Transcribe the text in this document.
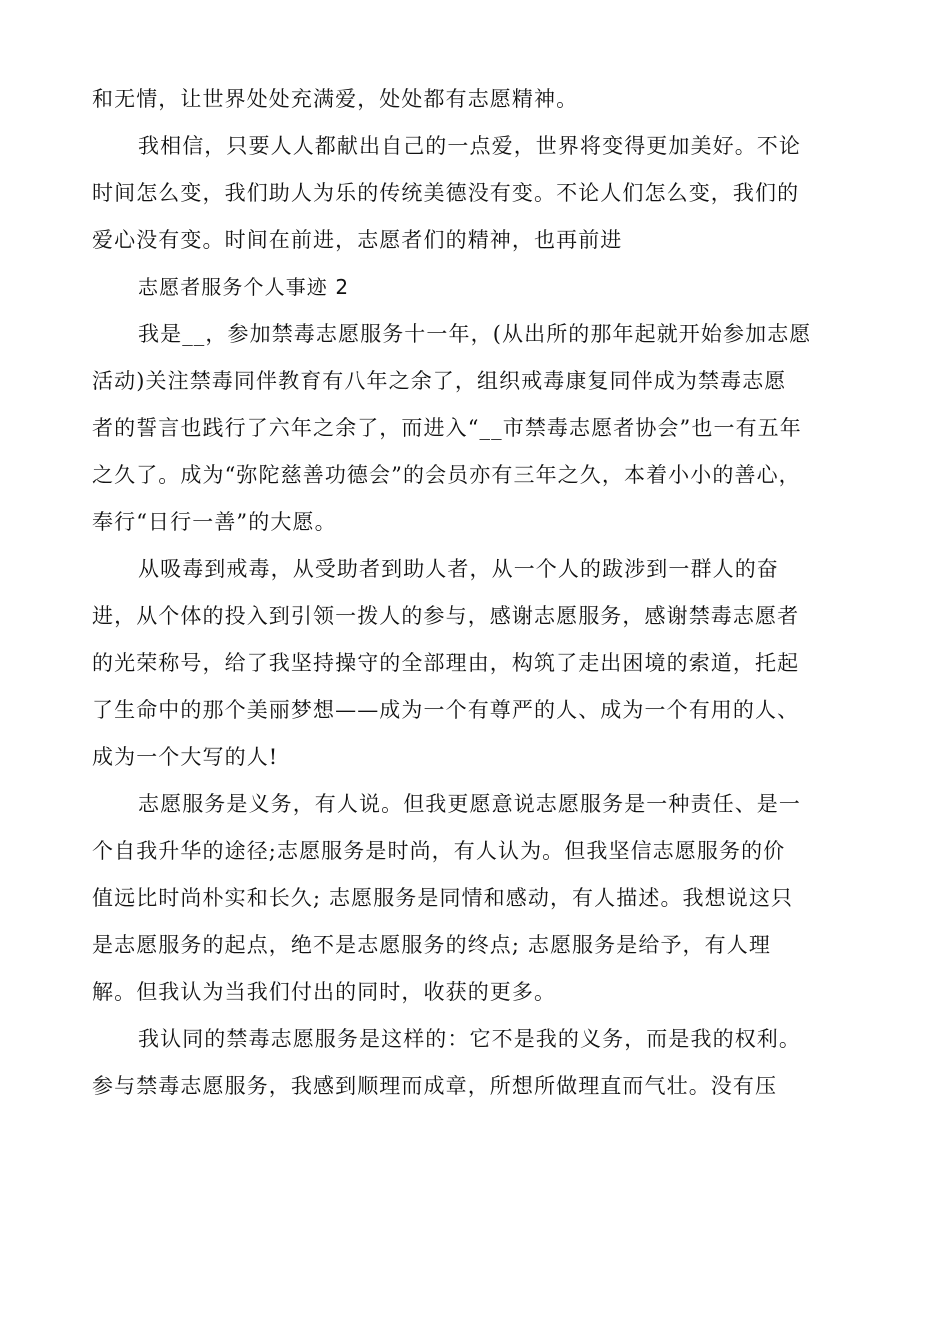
和无情，让世界处处充满爱，处处都有志愿精神。
我相信，只要人人都献出自己的一点爱，世界将变得更加美好。不论
时间怎么变，我们助人为乐的传统美德没有变。不论人们怎么变，我们的
爱心没有变。时间在前进，志愿者们的精神，也再前进
志愿者服务个人事迹 2
我是__，参加禁毒志愿服务十一年，(从出所的那年起就开始参加志愿
活动)关注禁毒同伴教育有八年之余了，组织戒毒康复同伴成为禁毒志愿
者的誓言也践行了六年之余了，而进入“__市禁毒志愿者协会”也一有五年
之久了。成为“弥陀慈善功德会”的会员亦有三年之久，本着小小的善心，
奉行“日行一善”的大愿。
从吸毒到戒毒，从受助者到助人者，从一个人的跋涉到一群人的奋
进，从个体的投入到引领一拨人的参与，感谢志愿服务，感谢禁毒志愿者
的光荣称号，给了我坚持操守的全部理由，构筑了走出困境的索道，托起
了生命中的那个美丽梦想——成为一个有尊严的人、成为一个有用的人、
成为一个大写的人!
志愿服务是义务，有人说。但我更愿意说志愿服务是一种责任、是一
个自我升华的途径;志愿服务是时尚，有人认为。但我坚信志愿服务的价
值远比时尚朴实和长久; 志愿服务是同情和感动，有人描述。我想说这只
是志愿服务的起点，绝不是志愿服务的终点; 志愿服务是给予，有人理
解。但我认为当我们付出的同时，收获的更多。
我认同的禁毒志愿服务是这样的：它不是我的义务，而是我的权利。
参与禁毒志愿服务，我感到顺理而成章，所想所做理直而气壮。没有压
